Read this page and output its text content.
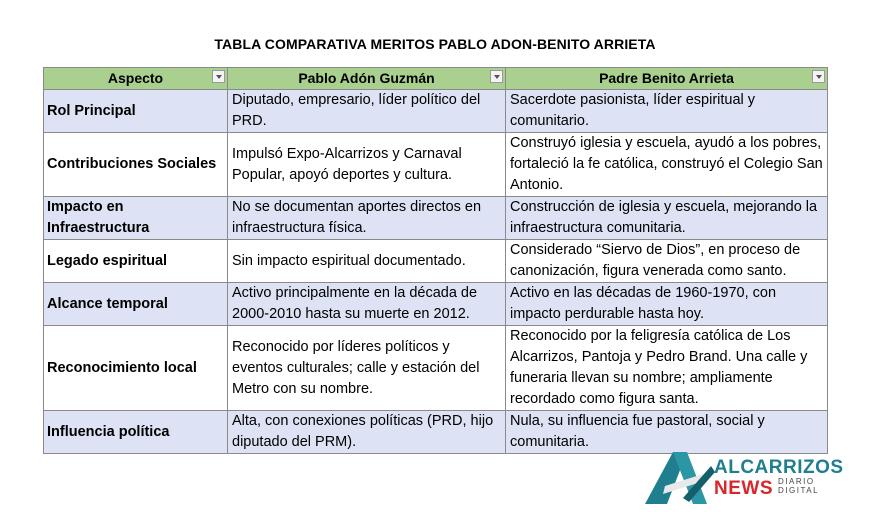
TABLA COMPARATIVA MERITOS PABLO ADON-BENITO ARRIETA
Aspecto	Pablo Adón Guzmán	Padre Benito Arrieta

Rol Principal	Diputado, empresario, líder político del PRD.	Sacerdote pasionista, líder espiritual y comunitario.
Contribuciones Sociales	Impulsó Expo-Alcarrizos y Carnaval Popular, apoyó deportes y cultura.	Construyó iglesia y escuela, ayudó a los pobres, fortaleció la fe católica, construyó el Colegio San Antonio.
Impacto en Infraestructura	No se documentan aportes directos en infraestructura física.	Construcción de iglesia y escuela, mejorando la infraestructura comunitaria.
Legado espiritual	Sin impacto espiritual documentado.	Considerado “Siervo de Dios”, en proceso de canonización, figura venerada como santo.
Alcance temporal	Activo principalmente en la década de 2000-2010 hasta su muerte en 2012.	Activo en las décadas de 1960-1970, con impacto perdurable hasta hoy.
Reconocimiento local	Reconocido por líderes políticos y eventos culturales; calle y estación del Metro con su nombre.	Reconocido por la feligresía católica de Los Alcarrizos, Pantoja y Pedro Brand. Una calle y funeraria llevan su nombre; ampliamente recordado como figura santa.
Influencia política	Alta, con conexiones políticas (PRD, hijo diputado del PRM).	Nula, su influencia fue pastoral, social y comunitaria.
ALCARRIZOS
NEWS DIARIO
DIGITAL
